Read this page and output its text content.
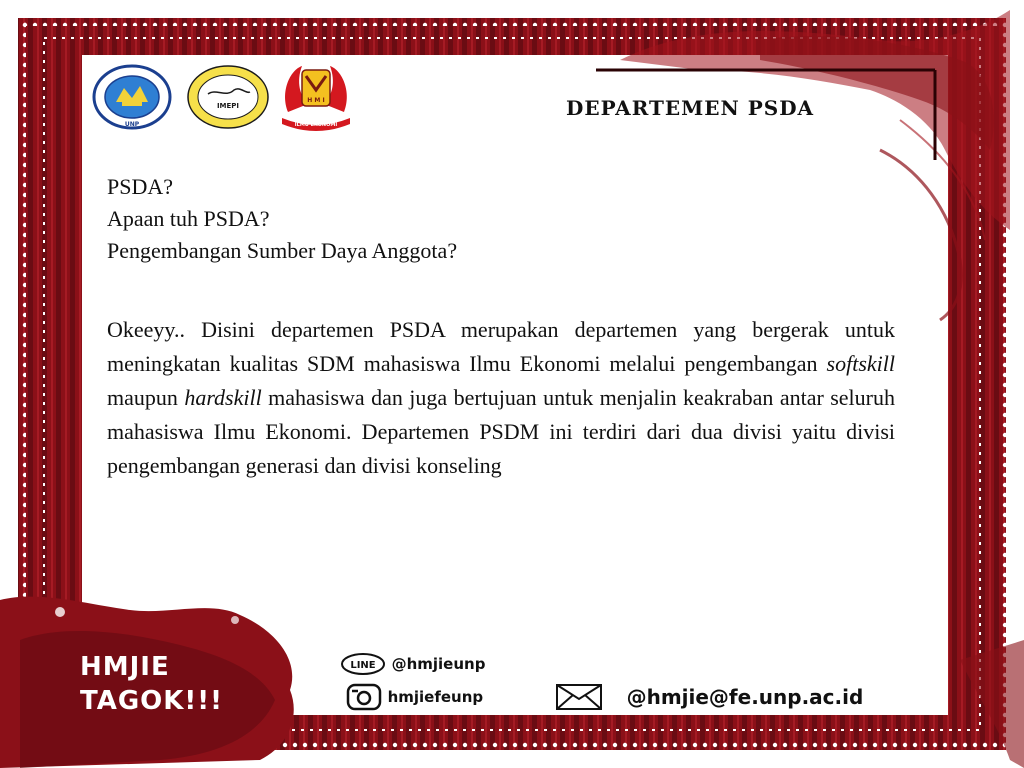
UNP
IMEPI
H M I
ILMU EKONOMI
DEPARTEMEN PSDA
PSDA?
Apaan tuh PSDA?
Pengembangan Sumber Daya Anggota?
Okeeyy.. Disini departemen PSDA merupakan departemen yang bergerak untuk meningkatan kualitas SDM mahasiswa Ilmu Ekonomi melalui pengembangan softskill maupun hardskill mahasiswa dan juga bertujuan untuk menjalin keakraban antar seluruh mahasiswa Ilmu Ekonomi. Departemen PSDM ini terdiri dari dua divisi yaitu divisi pengembangan generasi dan divisi konseling
HMJIE
TAGOK!!!
LINE @hmjieunp
hmjiefeunp	@hmjie@fe.unp.ac.id
